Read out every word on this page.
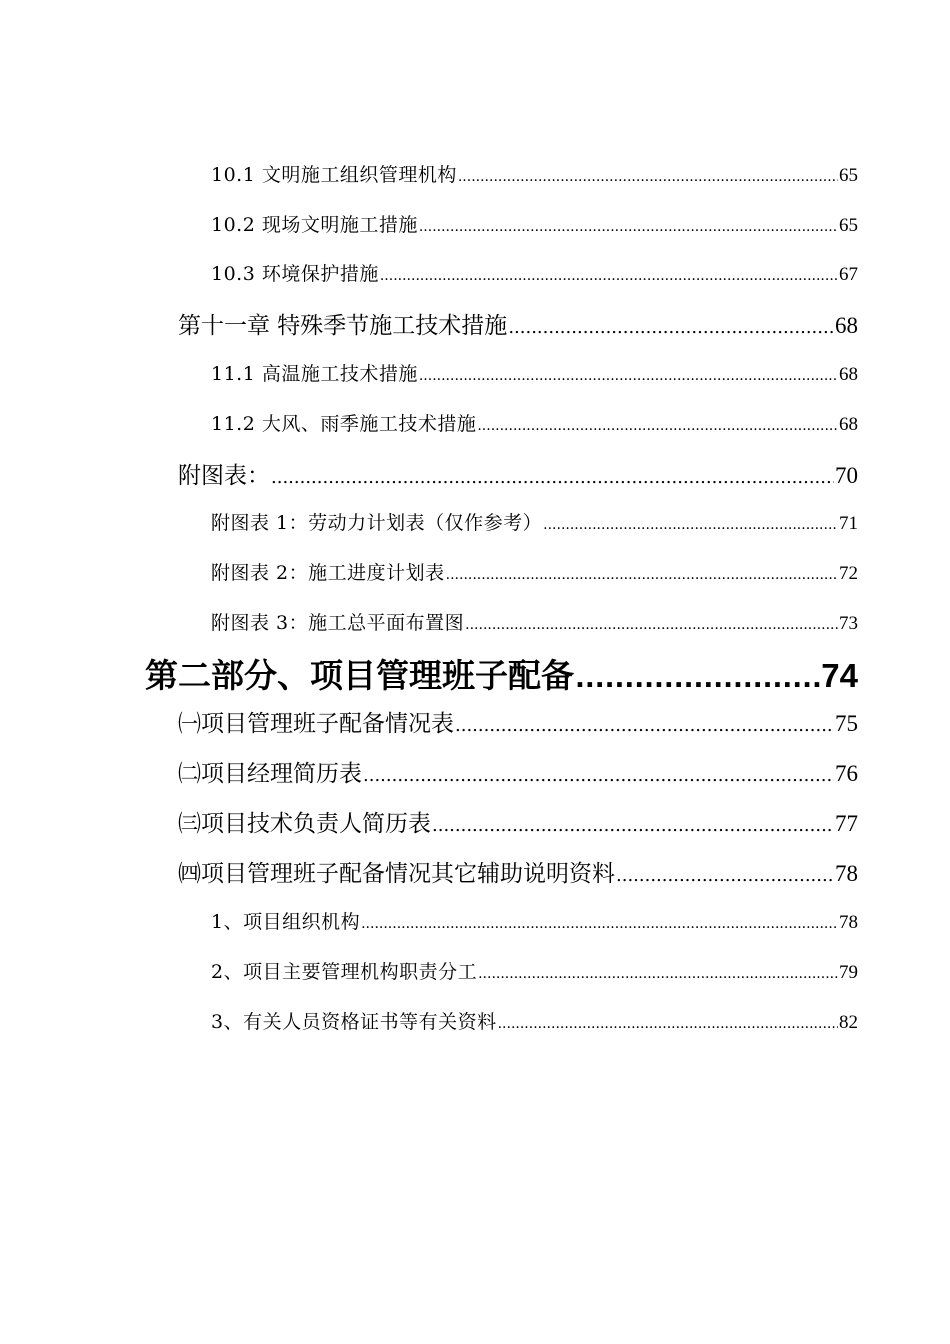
10.1 文明施工组织管理机构 .....	65
10.2 现场文明施工措施 .....	65
10.3 环境保护措施 .....	67
第十一章 特殊季节施工技术措施 .....	68
11.1 高温施工技术措施 .....	68
11.2 大风、雨季施工技术措施 .....	68
附图表： .....	70
附图表 1：劳动力计划表（仅作参考） .....	71
附图表 2：施工进度计划表 .....	72
附图表 3：施工总平面布置图 .....	73
第二部分、项目管理班子配备 .....	74
㈠项目管理班子配备情况表 .....	75
㈡项目经理简历表 .....	76
㈢项目技术负责人简历表 .....	77
㈣项目管理班子配备情况其它辅助说明资料 .....	78
1、项目组织机构 .....	78
2、项目主要管理机构职责分工 .....	79
3、有关人员资格证书等有关资料 .....	82
